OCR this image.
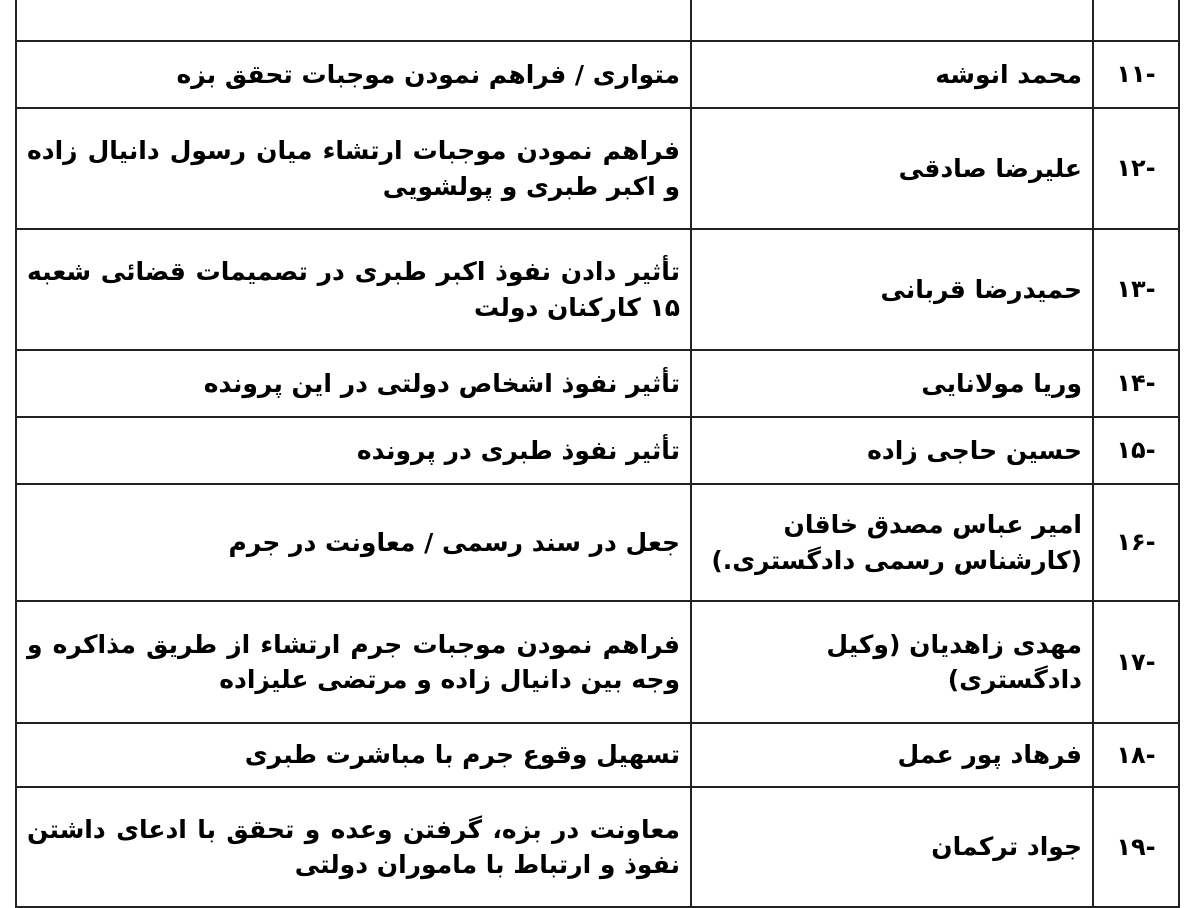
-۱۱	محمد انوشه	متواری / فراهم نمودن موجبات تحقق بزه
-۱۲	علیرضا صادقی	فراهم نمودن موجبات ارتشاء میان رسول دانیال زاده و اکبر طبری و پولشویی
-۱۳	حمیدرضا قربانی	تأثیر دادن نفوذ اکبر طبری در تصمیمات قضائی شعبه ۱۵ کارکنان دولت
-۱۴	وریا مولانایی	تأثیر نفوذ اشخاص دولتی در این پرونده
-۱۵	حسین حاجی زاده	تأثیر نفوذ طبری در پرونده
-۱۶	امیر عباس مصدق خاقان (کارشناس رسمی دادگستری.)	جعل در سند رسمی / معاونت در جرم
-۱۷	مهدی زاهدیان (وکیل دادگستری)	فراهم نمودن موجبات جرم ارتشاء از طریق مذاکره و وجه بین دانیال زاده و مرتضی علیزاده
-۱۸	فرهاد پور عمل	تسهیل وقوع جرم با مباشرت طبری
-۱۹	جواد ترکمان	معاونت در بزه، گرفتن وعده و تحقق با ادعای داشتن نفوذ و ارتباط با ماموران دولتی
